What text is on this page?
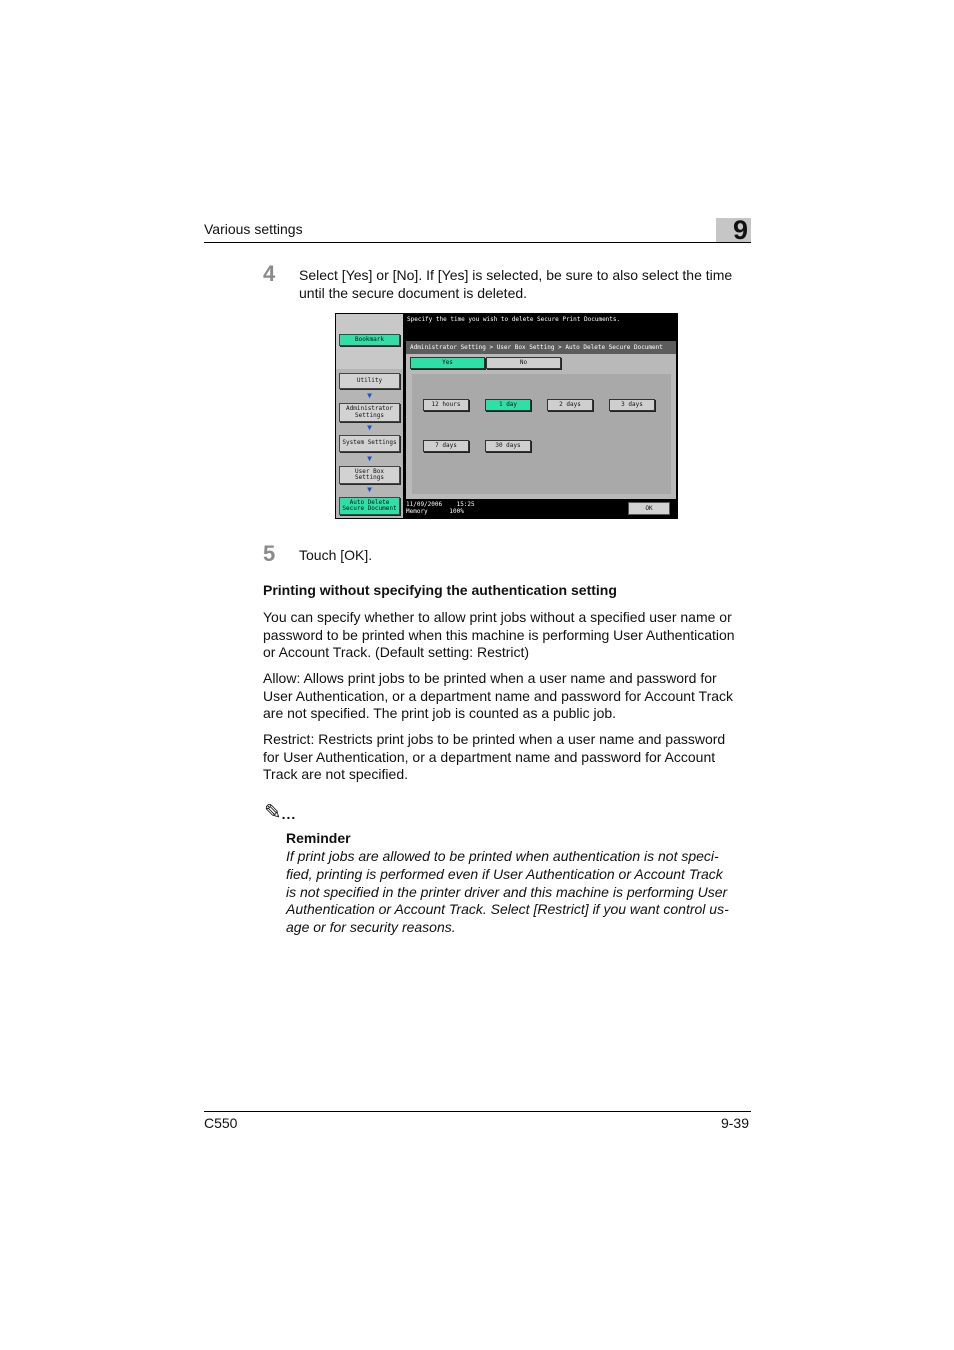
Various settings	9
4 Select [Yes] or [No]. If [Yes] is selected, be sure to also select the time
until the secure document is deleted.
Bookmark
Utility
▼
Administrator
Settings
▼
System Settings
▼
User Box
Settings
▼
Auto Delete
Secure Document
Specify the time you wish to delete Secure Print Documents.
Administrator Setting > User Box Setting > Auto Delete Secure Document
Yes	No
12 hours	1 day	2 days	3 days
7 days	30 days
11/09/2006 15:25
Memory	100%	OK
5 Touch [OK].
Printing without specifying the authentication setting
You can specify whether to allow print jobs without a specified user name or
password to be printed when this machine is performing User Authentication
or Account Track. (Default setting: Restrict)
Allow: Allows print jobs to be printed when a user name and password for
User Authentication, or a department name and password for Account Track
are not specified. The print job is counted as a public job.
Restrict: Restricts print jobs to be printed when a user name and password
for User Authentication, or a department name and password for Account
Track are not specified.
✎...
Reminder
If print jobs are allowed to be printed when authentication is not speci-
fied, printing is performed even if User Authentication or Account Track
is not specified in the printer driver and this machine is performing User
Authentication or Account Track. Select [Restrict] if you want control us-
age or for security reasons.
C550	9-39
